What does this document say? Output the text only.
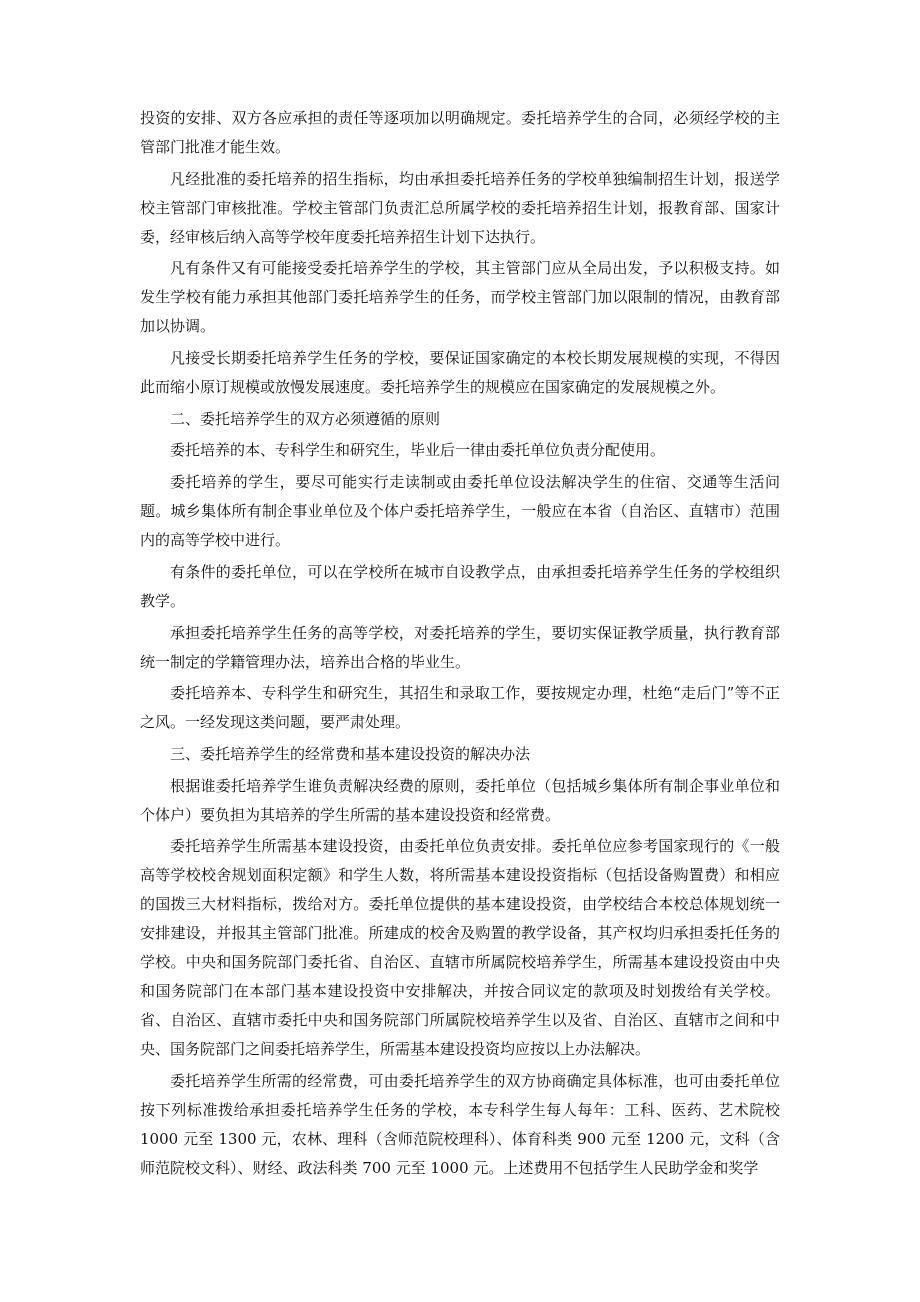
投资的安排、双方各应承担的责任等逐项加以明确规定。委托培养学生的合同，必须经学校的主管部门批准才能生效。

凡经批准的委托培养的招生指标，均由承担委托培养任务的学校单独编制招生计划，报送学校主管部门审核批准。学校主管部门负责汇总所属学校的委托培养招生计划，报教育部、国家计委，经审核后纳入高等学校年度委托培养招生计划下达执行。

凡有条件又有可能接受委托培养学生的学校，其主管部门应从全局出发，予以积极支持。如发生学校有能力承担其他部门委托培养学生的任务，而学校主管部门加以限制的情况，由教育部加以协调。

凡接受长期委托培养学生任务的学校，要保证国家确定的本校长期发展规模的实现，不得因此而缩小原订规模或放慢发展速度。委托培养学生的规模应在国家确定的发展规模之外。

二、委托培养学生的双方必须遵循的原则

委托培养的本、专科学生和研究生，毕业后一律由委托单位负责分配使用。

委托培养的学生，要尽可能实行走读制或由委托单位设法解决学生的住宿、交通等生活问题。城乡集体所有制企事业单位及个体户委托培养学生，一般应在本省（自治区、直辖市）范围内的高等学校中进行。

有条件的委托单位，可以在学校所在城市自设教学点，由承担委托培养学生任务的学校组织教学。

承担委托培养学生任务的高等学校，对委托培养的学生，要切实保证教学质量，执行教育部统一制定的学籍管理办法，培养出合格的毕业生。

委托培养本、专科学生和研究生，其招生和录取工作，要按规定办理，杜绝“走后门”等不正之风。一经发现这类问题，要严肃处理。

三、委托培养学生的经常费和基本建设投资的解决办法

根据谁委托培养学生谁负责解决经费的原则，委托单位（包括城乡集体所有制企事业单位和个体户）要负担为其培养的学生所需的基本建设投资和经常费。

委托培养学生所需基本建设投资，由委托单位负责安排。委托单位应参考国家现行的《一般高等学校校舍规划面积定额》和学生人数，将所需基本建设投资指标（包括设备购置费）和相应的国拨三大材料指标，拨给对方。委托单位提供的基本建设投资，由学校结合本校总体规划统一安排建设，并报其主管部门批准。所建成的校舍及购置的教学设备，其产权均归承担委托任务的学校。中央和国务院部门委托省、自治区、直辖市所属院校培养学生，所需基本建设投资由中央和国务院部门在本部门基本建设投资中安排解决，并按合同议定的款项及时划拨给有关学校。省、自治区、直辖市委托中央和国务院部门所属院校培养学生以及省、自治区、直辖市之间和中央、国务院部门之间委托培养学生，所需基本建设投资均应按以上办法解决。

委托培养学生所需的经常费，可由委托培养学生的双方协商确定具体标准，也可由委托单位按下列标准拨给承担委托培养学生任务的学校，本专科学生每人每年：工科、医药、艺术院校 1000 元至 1300 元，农林、理科（含师范院校理科）、体育科类 900 元至 1200 元，文科（含师范院校文科）、财经、政法科类 700 元至 1000 元。上述费用不包括学生人民助学金和奖学
